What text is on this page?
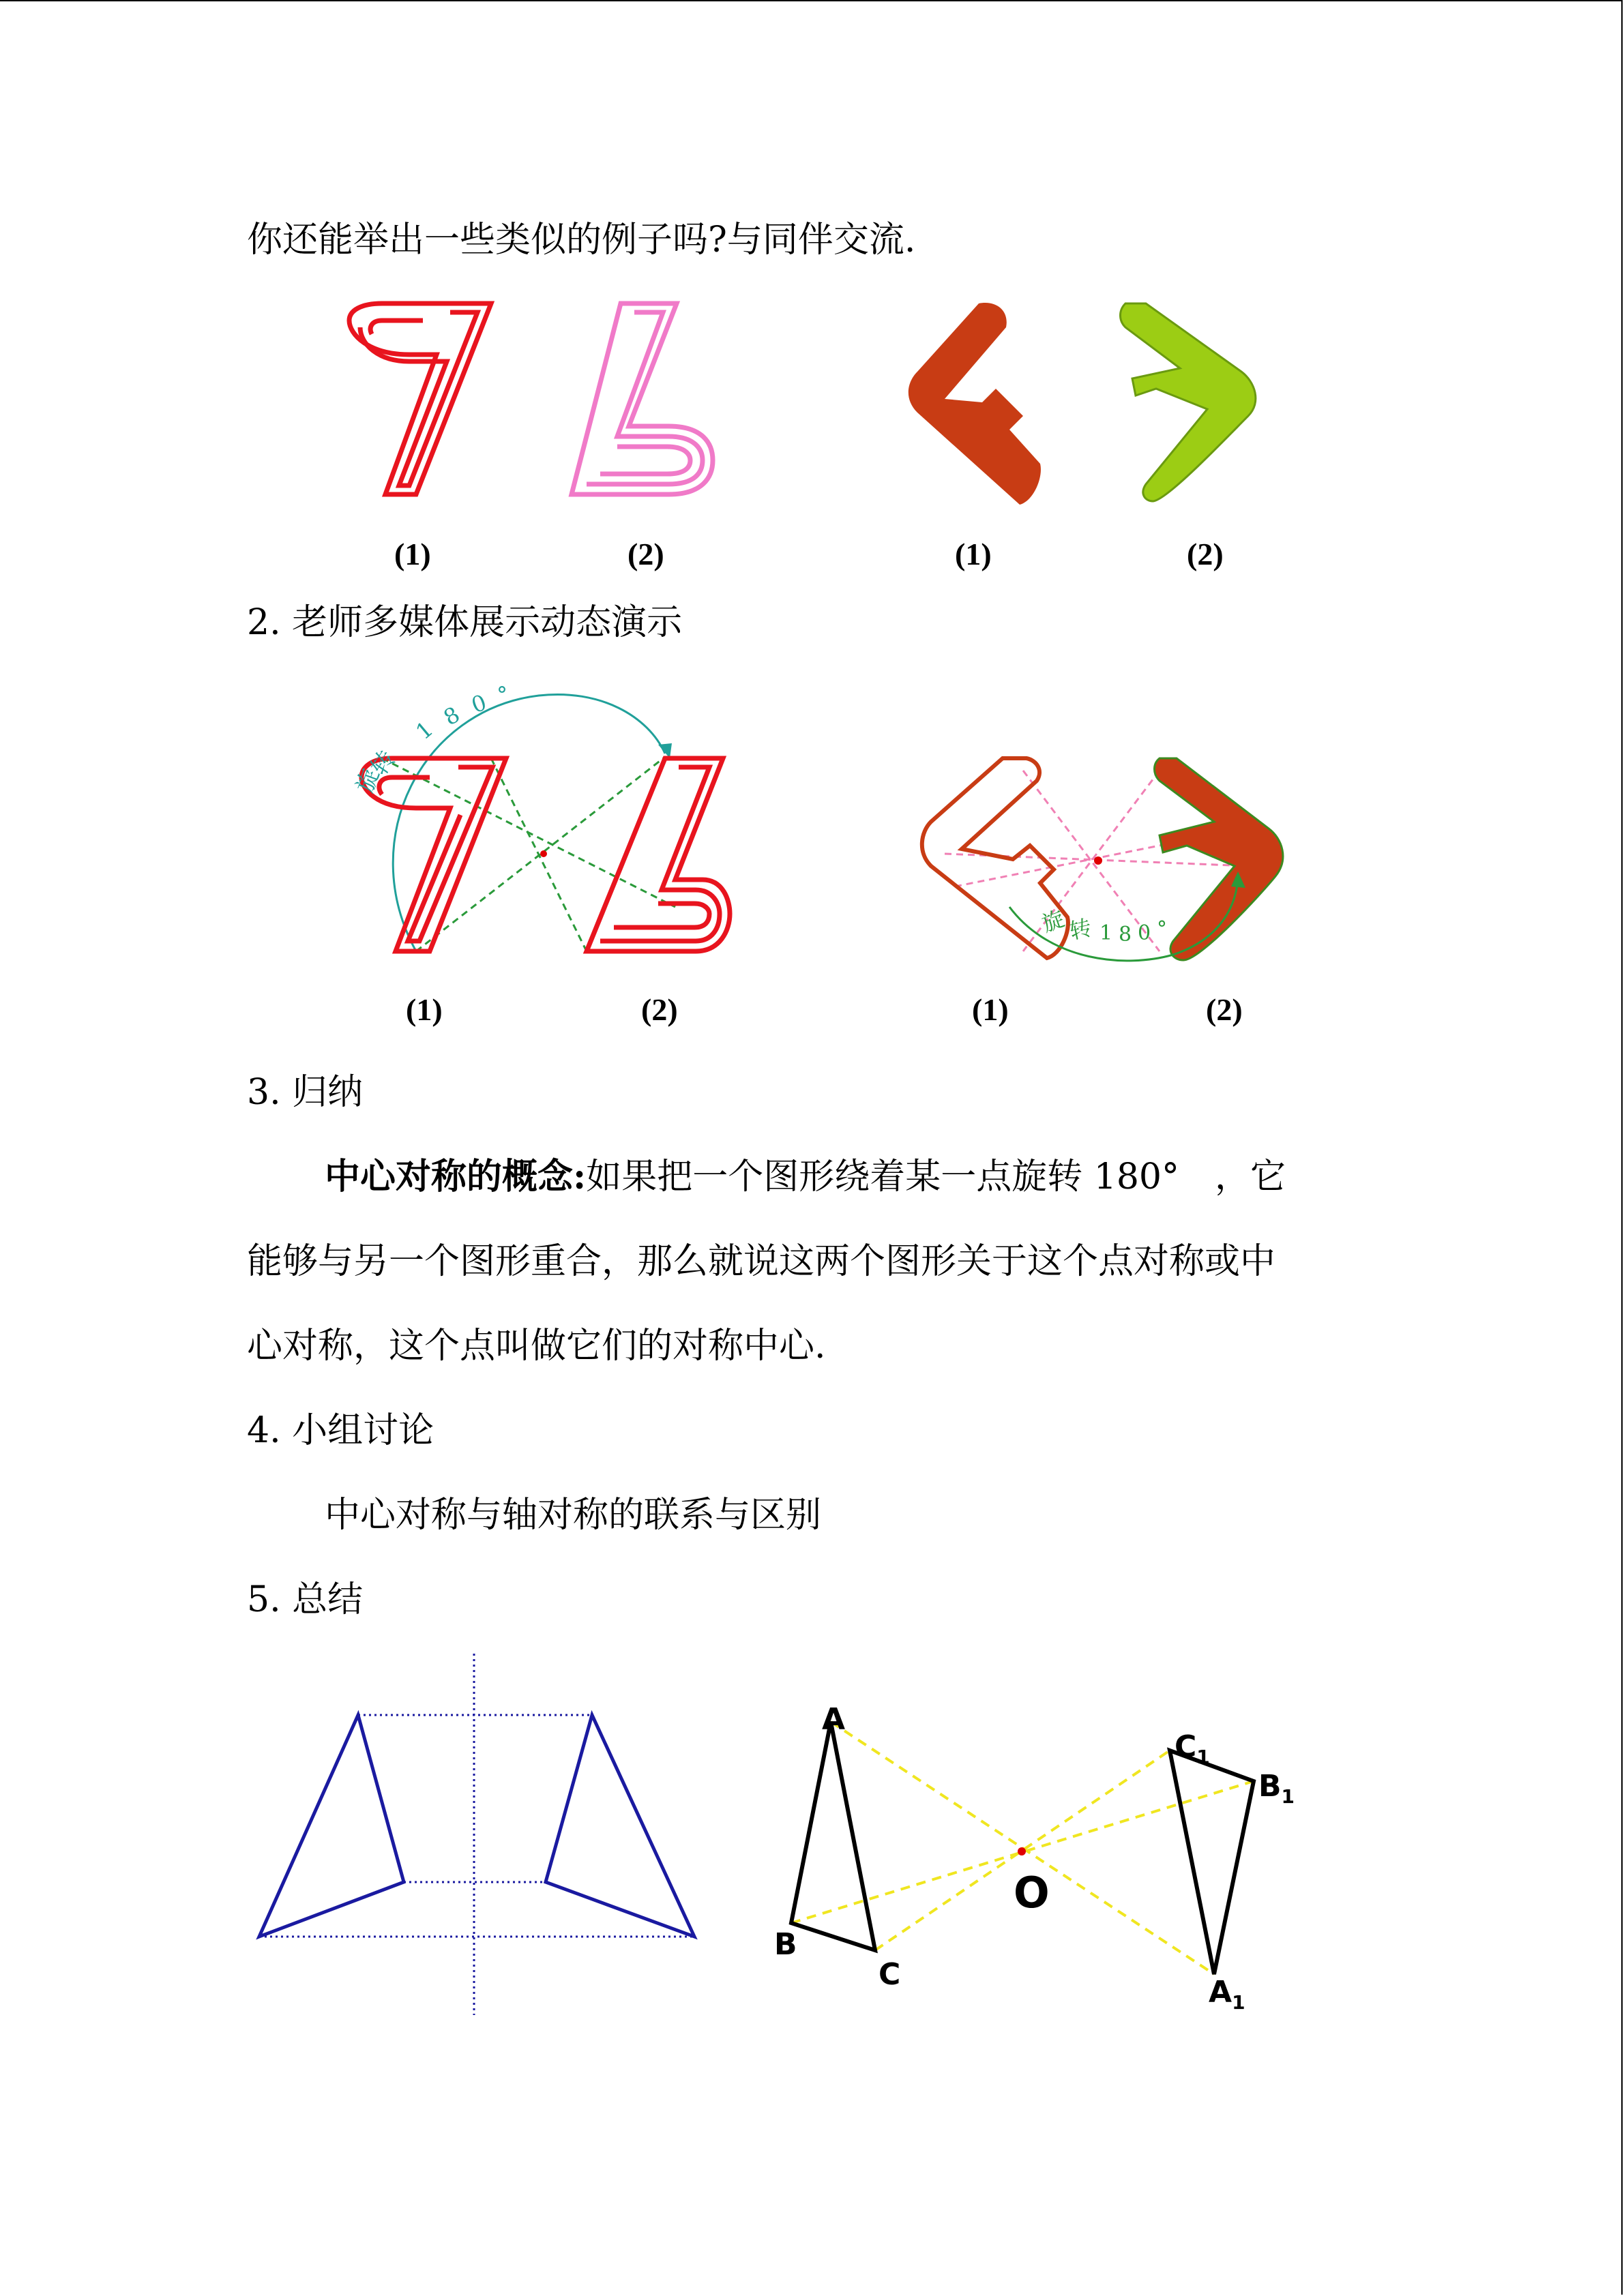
你还能举出一些类似的例子吗?与同伴交流.
(1)	(2)	(1)	(2)
2. 老师多媒体展示动态演示
旋
转
1 8 0 °
旋
转 1 8 0 °
(1)	(2)	(1)	(2)
3. 归纳
中心对称的概念:如果把一个图形绕着某一点旋转 180°　，它
能够与另一个图形重合，那么就说这两个图形关于这个点对称或中
心对称，这个点叫做它们的对称中心.
4. 小组讨论
中心对称与轴对称的联系与区别
5. 总结
A
B
C
O
$C_1$
$B_1$
$A_1$
